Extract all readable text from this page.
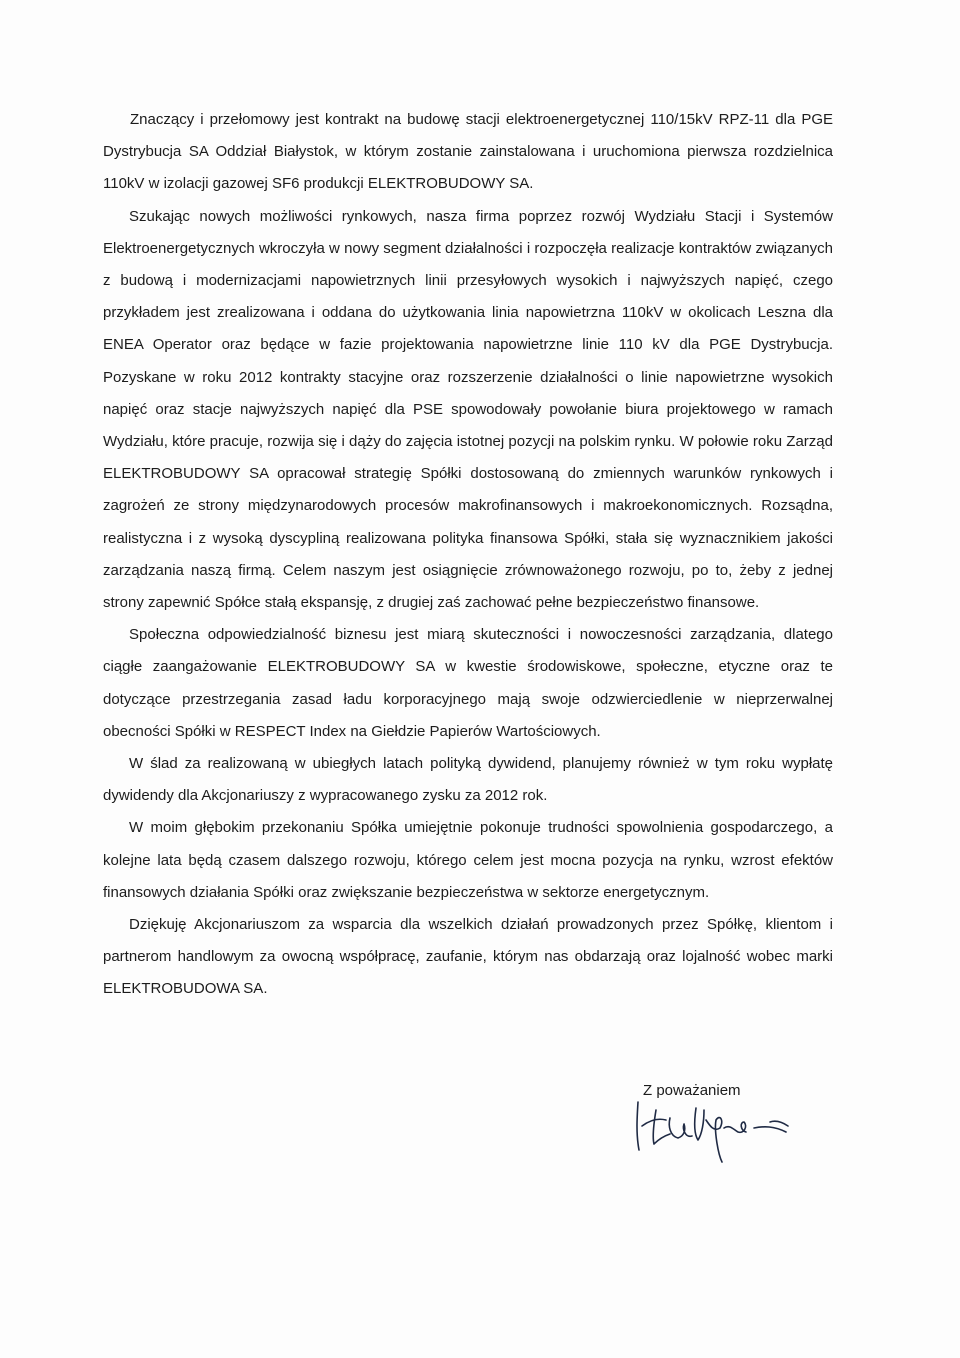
Znaczący i przełomowy jest kontrakt na budowę stacji elektroenergetycznej 110/15kV RPZ-11 dla PGE Dystrybucja SA Oddział Białystok, w którym zostanie zainstalowana i uruchomiona pierwsza rozdzielnica 110kV w izolacji gazowej SF6 produkcji ELEKTROBUDOWY SA.

Szukając nowych możliwości rynkowych, nasza firma poprzez rozwój Wydziału Stacji i Systemów Elektroenergetycznych wkroczyła w nowy segment działalności i rozpoczęła realizacje kontraktów związanych z budową i modernizacjami napowietrznych linii przesyłowych wysokich i najwyższych napięć, czego przykładem jest zrealizowana i oddana do użytkowania linia napowietrzna 110kV w okolicach Leszna dla ENEA Operator oraz będące w fazie projektowania napowietrzne linie 110 kV dla PGE Dystrybucja. Pozyskane w roku 2012 kontrakty stacyjne oraz rozszerzenie działalności o linie napowietrzne wysokich napięć oraz stacje najwyższych napięć dla PSE spowodowały powołanie biura projektowego w ramach Wydziału, które pracuje, rozwija się i dąży do zajęcia istotnej pozycji na polskim rynku. W połowie roku Zarząd ELEKTROBUDOWY SA opracował strategię Spółki dostosowaną do zmiennych warunków rynkowych i zagrożeń ze strony międzynarodowych procesów makrofinansowych i makroekonomicznych. Rozsądna, realistyczna i z wysoką dyscypliną realizowana polityka finansowa Spółki, stała się wyznacznikiem jakości zarządzania naszą firmą. Celem naszym jest osiągnięcie zrównoważonego rozwoju, po to, żeby z jednej strony zapewnić Spółce stałą ekspansję, z drugiej zaś zachować pełne bezpieczeństwo finansowe.

Społeczna odpowiedzialność biznesu jest miarą skuteczności i nowoczesności zarządzania, dlatego ciągłe zaangażowanie ELEKTROBUDOWY SA w kwestie środowiskowe, społeczne, etyczne oraz te dotyczące przestrzegania zasad ładu korporacyjnego mają swoje odzwierciedlenie w nieprzerwalnej obecności Spółki w RESPECT Index na Giełdzie Papierów Wartościowych.

W ślad za realizowaną w ubiegłych latach polityką dywidend, planujemy również w tym roku wypłatę dywidendy dla Akcjonariuszy z wypracowanego zysku za 2012 rok.

W moim głębokim przekonaniu Spółka umiejętnie pokonuje trudności spowolnienia gospodarczego, a kolejne lata będą czasem dalszego rozwoju, którego celem jest mocna pozycja na rynku, wzrost efektów finansowych działania Spółki oraz zwiększanie bezpieczeństwa w sektorze energetycznym.

Dziękuję Akcjonariuszom za wsparcia dla wszelkich działań prowadzonych przez Spółkę, klientom i partnerom handlowym za owocną współpracę, zaufanie, którym nas obdarzają oraz lojalność wobec marki ELEKTROBUDOWA SA.

Z poważaniem
